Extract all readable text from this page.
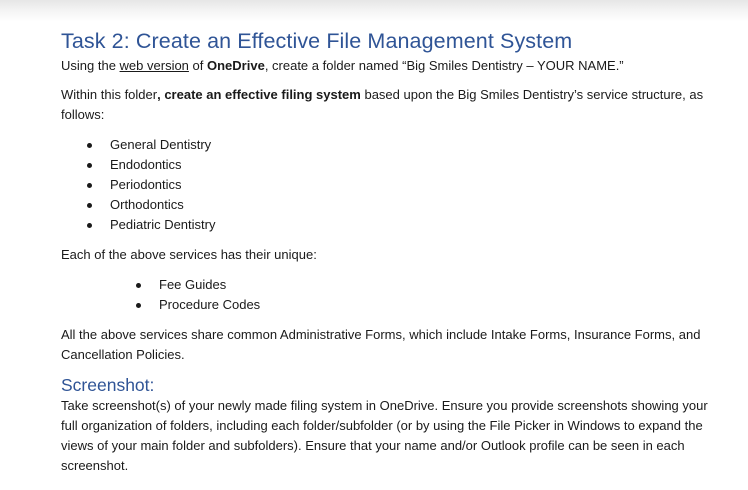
Task 2: Create an Effective File Management System

Using the web version of OneDrive, create a folder named “Big Smiles Dentistry – YOUR NAME.”

Within this folder, create an effective filing system based upon the Big Smiles Dentistry’s service structure, as follows:

General Dentistry
Endodontics
Periodontics
Orthodontics
Pediatric Dentistry

Each of the above services has their unique:

Fee Guides
Procedure Codes

All the above services share common Administrative Forms, which include Intake Forms, Insurance Forms, and Cancellation Policies.

Screenshot:

Take screenshot(s) of your newly made filing system in OneDrive. Ensure you provide screenshots showing your full organization of folders, including each folder/subfolder (or by using the File Picker in Windows to expand the views of your main folder and subfolders). Ensure that your name and/or Outlook profile can be seen in each screenshot.
